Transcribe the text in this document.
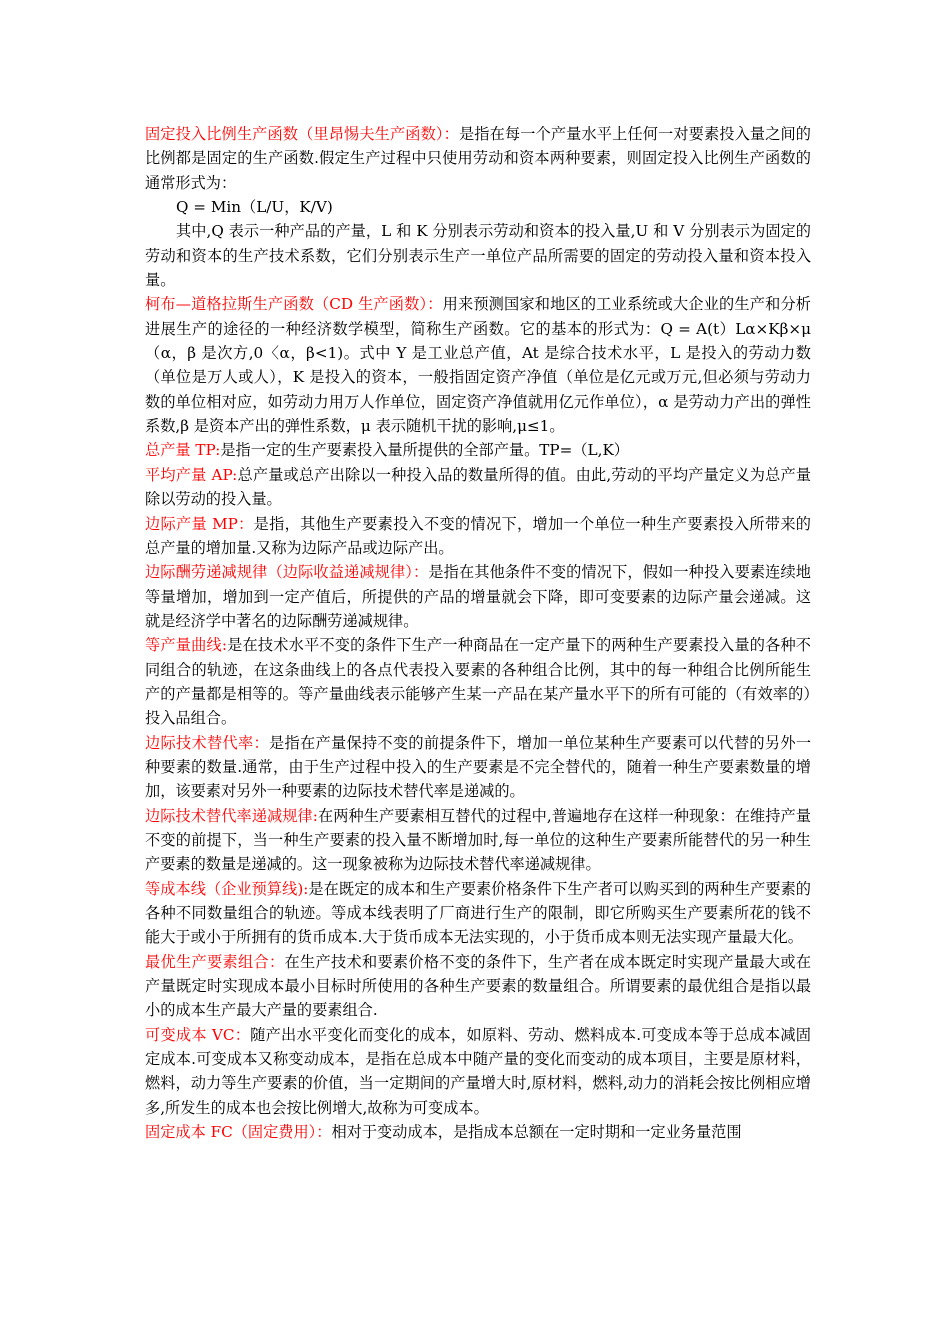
固定投入比例生产函数（里昂惕夫生产函数）：是指在每一个产量水平上任何一对要素投入量之间的比例都是固定的生产函数.假定生产过程中只使用劳动和资本两种要素，则固定投入比例生产函数的通常形式为：

Q = Min（L/U，K/V)

其中,Q 表示一种产品的产量，L 和 K 分别表示劳动和资本的投入量,U 和 V 分别表示为固定的劳动和资本的生产技术系数，它们分别表示生产一单位产品所需要的固定的劳动投入量和资本投入量。

柯布—道格拉斯生产函数（CD 生产函数）：用来预测国家和地区的工业系统或大企业的生产和分析进展生产的途径的一种经济数学模型，简称生产函数。它的基本的形式为：Q = A(t）Lα×Kβ×μ（α，β 是次方,0〈α，β<1)。式中 Y 是工业总产值，At 是综合技术水平，L 是投入的劳动力数（单位是万人或人），K 是投入的资本，一般指固定资产净值（单位是亿元或万元,但必须与劳动力数的单位相对应，如劳动力用万人作单位，固定资产净值就用亿元作单位），α 是劳动力产出的弹性系数,β 是资本产出的弹性系数，μ 表示随机干扰的影响,μ≤1。

总产量 TP:是指一定的生产要素投入量所提供的全部产量。TP=（L,K）

平均产量 AP:总产量或总产出除以一种投入品的数量所得的值。由此,劳动的平均产量定义为总产量除以劳动的投入量。

边际产量 MP：是指，其他生产要素投入不变的情况下，增加一个单位一种生产要素投入所带来的总产量的增加量.又称为边际产品或边际产出。

边际酬劳递减规律（边际收益递减规律）：是指在其他条件不变的情况下，假如一种投入要素连续地等量增加，增加到一定产值后，所提供的产品的增量就会下降，即可变要素的边际产量会递减。这就是经济学中著名的边际酬劳递减规律。

等产量曲线:是在技术水平不变的条件下生产一种商品在一定产量下的两种生产要素投入量的各种不同组合的轨迹，在这条曲线上的各点代表投入要素的各种组合比例，其中的每一种组合比例所能生产的产量都是相等的。等产量曲线表示能够产生某一产品在某产量水平下的所有可能的（有效率的）投入品组合。

边际技术替代率：是指在产量保持不变的前提条件下，增加一单位某种生产要素可以代替的另外一种要素的数量.通常，由于生产过程中投入的生产要素是不完全替代的，随着一种生产要素数量的增加，该要素对另外一种要素的边际技术替代率是递减的。

边际技术替代率递减规律:在两种生产要素相互替代的过程中,普遍地存在这样一种现象：在维持产量不变的前提下，当一种生产要素的投入量不断增加时,每一单位的这种生产要素所能替代的另一种生产要素的数量是递减的。这一现象被称为边际技术替代率递减规律。

等成本线（企业预算线):是在既定的成本和生产要素价格条件下生产者可以购买到的两种生产要素的各种不同数量组合的轨迹。等成本线表明了厂商进行生产的限制，即它所购买生产要素所花的钱不能大于或小于所拥有的货币成本.大于货币成本无法实现的，小于货币成本则无法实现产量最大化。

最优生产要素组合：在生产技术和要素价格不变的条件下，生产者在成本既定时实现产量最大或在产量既定时实现成本最小目标时所使用的各种生产要素的数量组合。所谓要素的最优组合是指以最小的成本生产最大产量的要素组合.

可变成本 VC：随产出水平变化而变化的成本，如原料、劳动、燃料成本.可变成本等于总成本减固定成本.可变成本又称变动成本，是指在总成本中随产量的变化而变动的成本项目，主要是原材料，燃料，动力等生产要素的价值，当一定期间的产量增大时,原材料，燃料,动力的消耗会按比例相应增多,所发生的成本也会按比例增大,故称为可变成本。

固定成本 FC（固定费用）：相对于变动成本，是指成本总额在一定时期和一定业务量范围
